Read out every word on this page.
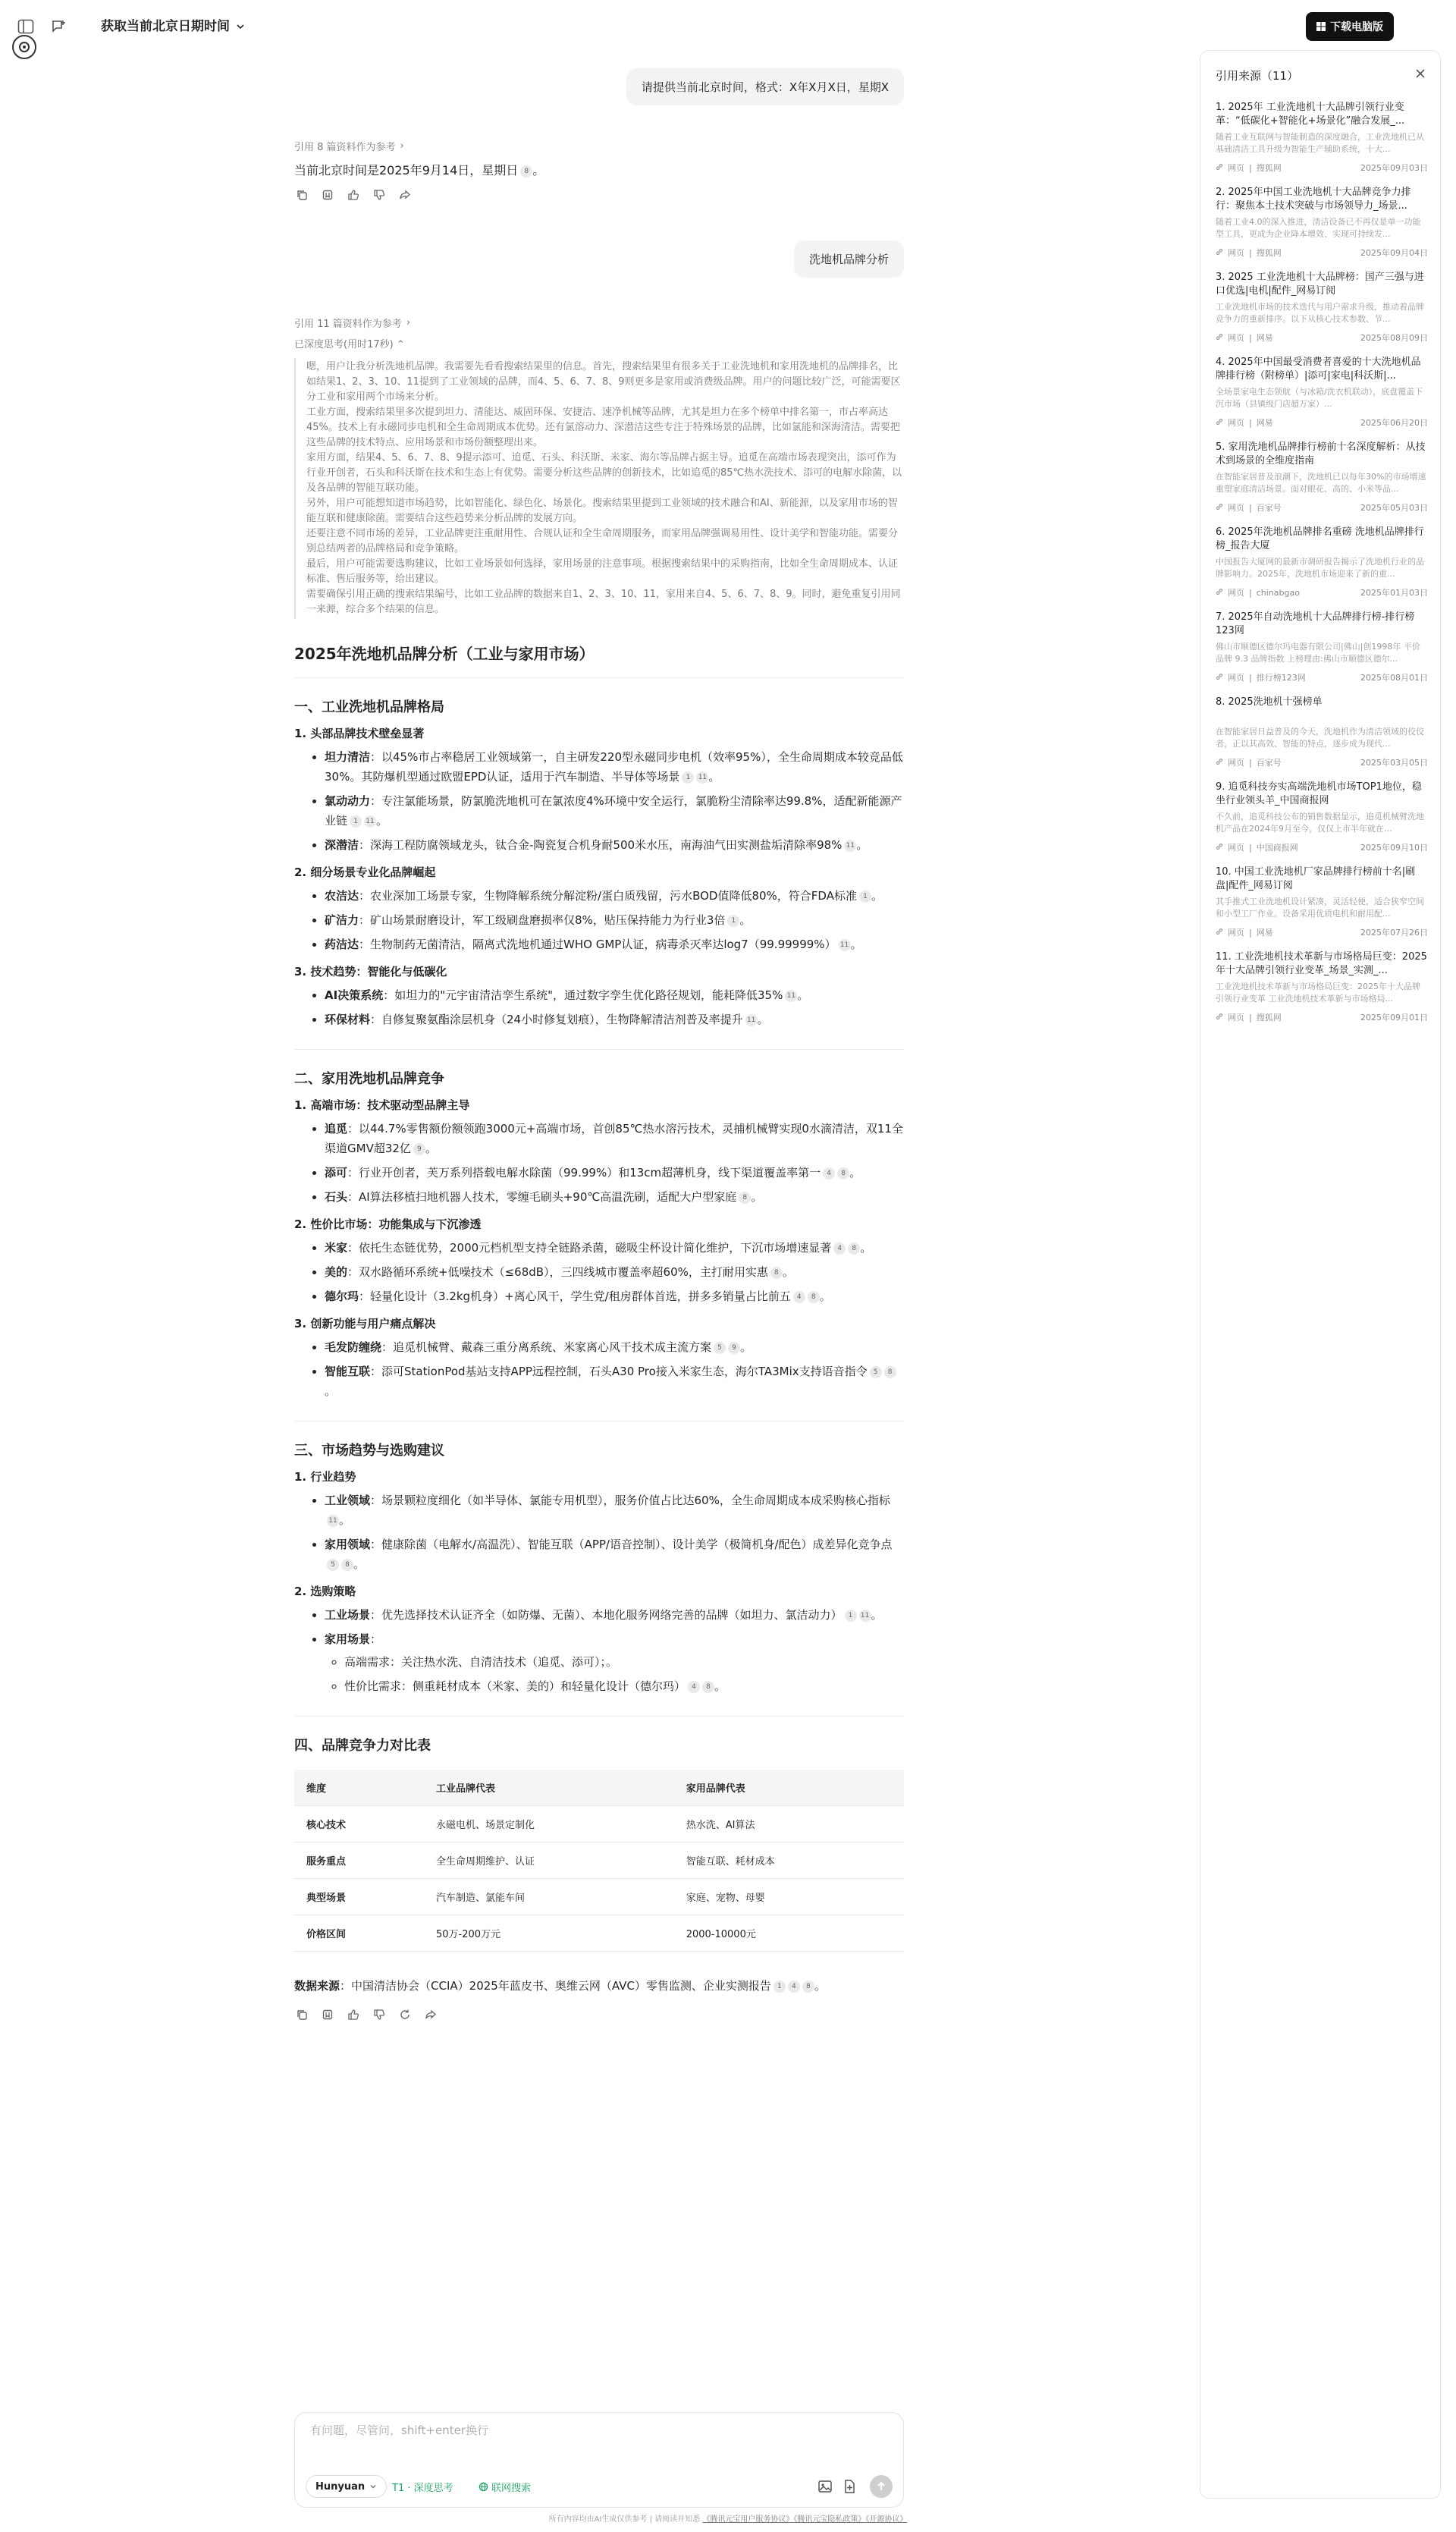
获取当前北京日期时间	下载电脑版
请提供当前北京时间，格式：X年X月X日，星期X
引用 8 篇资料作为参考 ›
当前北京时间是2025年9月14日，星期日 8 。
洗地机品牌分析
引用 11 篇资料作为参考 ›
已深度思考(用时17秒) ⌃

嗯，用户让我分析洗地机品牌。我需要先看看搜索结果里的信息。首先，搜索结果里有很多关于工业洗地机和家用洗地机的品牌排名，比如结果1、2、3、10、11提到了工业领域的品牌，而4、5、6、7、8、9则更多是家用或消费级品牌。用户的问题比较广泛，可能需要区分工业和家用两个市场来分析。

工业方面，搜索结果里多次提到坦力、清能达、威固环保、安捷洁、速净机械等品牌，尤其是坦力在多个榜单中排名第一，市占率高达45%。技术上有永磁同步电机和全生命周期成本优势。还有氯溶动力、深潜洁这些专注于特殊场景的品牌，比如氯能和深海清洁。需要把这些品牌的技术特点、应用场景和市场份额整理出来。

家用方面，结果4、5、6、7、8、9提示添可、追觅、石头、科沃斯、米家、海尔等品牌占据主导。追觅在高端市场表现突出，添可作为行业开创者，石头和科沃斯在技术和生态上有优势。需要分析这些品牌的创新技术，比如追觅的85℃热水洗技术、添可的电解水除菌，以及各品牌的智能互联功能。

另外，用户可能想知道市场趋势，比如智能化、绿色化、场景化。搜索结果里提到工业领域的技术融合和AI、新能源，以及家用市场的智能互联和健康除菌。需要结合这些趋势来分析品牌的发展方向。

还要注意不同市场的差异，工业品牌更注重耐用性、合规认证和全生命周期服务，而家用品牌强调易用性、设计美学和智能功能。需要分别总结两者的品牌格局和竞争策略。

最后，用户可能需要选购建议，比如工业场景如何选择，家用场景的注意事项。根据搜索结果中的采购指南，比如全生命周期成本、认证标准、售后服务等，给出建议。

需要确保引用正确的搜索结果编号，比如工业品牌的数据来自1、2、3、10、11，家用来自4、5、6、7、8、9。同时，避免重复引用同一来源，综合多个结果的信息。

2025年洗地机品牌分析（工业与家用市场）
一、工业洗地机品牌格局
1. 头部品牌技术壁垒显著
• 坦力清洁：以45%市占率稳居工业领域第一，自主研发220型永磁同步电机（效率95%），全生命周期成本较竞品低30%。其防爆机型通过欧盟EPD认证，适用于汽车制造、半导体等场景 1 11 。
• 氯动动力：专注氯能场景，防氯脆洗地机可在氯浓度4%环境中安全运行，氯脆粉尘清除率达99.8%，适配新能源产业链 1 11 。
• 深潜洁：深海工程防腐领域龙头，钛合金-陶瓷复合机身耐500米水压，南海油气田实测盐垢清除率98% 11 。
2. 细分场景专业化品牌崛起
• 农洁达：农业深加工场景专家，生物降解系统分解淀粉/蛋白质残留，污水BOD值降低80%，符合FDA标准 1 。
• 矿洁力：矿山场景耐磨设计，军工级刷盘磨损率仅8%，贴压保持能力为行业3倍 1 。
• 药洁达：生物制药无菌清洁，隔离式洗地机通过WHO GMP认证，病毒杀灭率达log7（99.99999%） 11 。
3. 技术趋势：智能化与低碳化
• AI决策系统：如坦力的"元宇宙清洁孪生系统"，通过数字孪生优化路径规划，能耗降低35% 11 。
• 环保材料：自修复聚氨酯涂层机身（24小时修复划痕），生物降解清洁剂普及率提升 11 。
二、家用洗地机品牌竞争
1. 高端市场：技术驱动型品牌主导
• 追觅：以44.7%零售额份额领跑3000元+高端市场，首创85℃热水溶污技术，灵捕机械臂实现0水滴清洁，双11全渠道GMV超32亿 9 。
• 添可：行业开创者，芙万系列搭载电解水除菌（99.99%）和13cm超薄机身，线下渠道覆盖率第一 4 8 。
• 石头：AI算法移植扫地机器人技术，零缠毛刷头+90℃高温洗刷，适配大户型家庭 8 。
2. 性价比市场：功能集成与下沉渗透
• 米家：依托生态链优势，2000元档机型支持全链路杀菌，磁吸尘杯设计简化维护，下沉市场增速显著 4 8 。
• 美的：双水路循环系统+低噪技术（≤68dB），三四线城市覆盖率超60%，主打耐用实惠 8 。
• 德尔玛：轻量化设计（3.2kg机身）+离心风干，学生党/租房群体首选，拼多多销量占比前五 4 8 。
3. 创新功能与用户痛点解决
• 毛发防缠绕：追觅机械臂、戴森三重分离系统、米家离心风干技术成主流方案 5 9 。
• 智能互联：添可StationPod基站支持APP远程控制，石头A30 Pro接入米家生态，海尔TA3Mix支持语音指令 5 8。
三、市场趋势与选购建议
1. 行业趋势
• 工业领域：场景颗粒度细化（如半导体、氯能专用机型），服务价值占比达60%，全生命周期成本成采购核心指标11 。
• 家用领域：健康除菌（电解水/高温洗）、智能互联（APP/语音控制）、设计美学（极简机身/配色）成差异化竞争点5 8 。
2. 选购策略
• 工业场景：优先选择技术认证齐全（如防爆、无菌）、本地化服务网络完善的品牌（如坦力、氯洁动力） 1 11 。
• 家用场景：
◦ 高端需求：关注热水洗、自清洁技术（追觅、添可）；。
◦ 性价比需求：侧重耗材成本（米家、美的）和轻量化设计（德尔玛） 4 8 。
四、品牌竞争力对比表
维度	工业品牌代表	家用品牌代表
核心技术	永磁电机、场景定制化	热水洗、AI算法
服务重点	全生命周期维护、认证	智能互联、耗材成本
典型场景	汽车制造、氯能车间	家庭、宠物、母婴
价格区间	50万-200万元	2000-10000元
数据来源：中国清洁协会（CCIA）2025年蓝皮书、奥维云网（AVC）零售监测、企业实测报告 1 4 8 。
有问题，尽管问，shift+enter换行
Hunyuan	T1 · 深度思考	联网搜索
所有内容均由AI生成仅供参考 | 请阅读并知悉 《腾讯元宝用户服务协议》《腾讯元宝隐私政策》《开源协议》
引用来源（11）
1. 2025年 工业洗地机十大品牌引领行业变革：“低碳化+智能化+场景化”融合发展_...
随着工业互联网与智能制造的深度融合，工业洗地机已从基础清洁工具升级为智能生产辅助系统，十大...
网页 | 搜狐网	2025年09月03日
2. 2025年中国工业洗地机十大品牌竞争力排行：聚焦本土技术突破与市场领导力_场景...
随着工业4.0的深入推进，清洁设备已不再仅是单一功能型工具，更成为企业降本增效、实现可持续发...
网页 | 搜狐网	2025年09月04日
3. 2025 工业洗地机十大品牌榜：国产三强与进口优选|电机|配件_网易订阅
工业洗地机市场的技术迭代与用户需求升级，推动着品牌竞争力的重新排序。以下从核心技术参数、节...
网页 | 网易	2025年08月09日
4. 2025年中国最受消费者喜爱的十大洗地机品牌排行榜（附榜单）|添可|家电|科沃斯|...
全场景家电生态领航（与冰箱/洗衣机联动），底盘覆盖下沉市场（县镇级门店超万家）...
网页 | 网易	2025年06月20日
5. 家用洗地机品牌排行榜前十名深度解析：从技术到场景的全维度指南
在智能家居普及浪潮下，洗地机已以每年30%的市场增速重塑家庭清洁场景。面对眼花、高的、小米等品...
网页 | 百家号	2025年05月03日
6. 2025年洗地机品牌排名重磅 洗地机品牌排行榜_报告大厦
中国报告大厦网的最新市调研报告揭示了洗地机行业的品牌影响力。2025年，洗地机市场迎来了新的重...
网页 | chinabgao	2025年01月03日
7. 2025年自动洗地机十大品牌排行榜-排行榜123网
佛山市顺德区德尔玛电器有限公司|佛山|创1998年 平价品牌 9.3 品牌指数 上榜理由:佛山市顺德区德尔...
网页 | 排行榜123网	2025年08月01日
8. 2025洗地机十强榜单
在智能家居日益普及的今天，洗地机作为清洁领域的佼佼者，正以其高效、智能的特点，逐步成为现代...
网页 | 百家号	2025年03月05日
9. 追觅科技夯实高端洗地机市场TOP1地位，稳坐行业领头羊_中国商报网
不久前，追觅科技公布的销售数据显示，追觅机械臂洗地机产品在2024年9月至今，仅仅上市半年就在...
网页 | 中国商报网	2025年09月10日
10. 中国工业洗地机厂家品牌排行榜前十名|刷盘|配件_网易订阅
其手推式工业洗地机设计紧凑，灵活轻便，适合狭窄空间和小型工厂作业。设备采用优质电机和耐用配...
网页 | 网易	2025年07月26日
11. 工业洗地机技术革新与市场格局巨变：2025 年十大品牌引领行业变革_场景_实测_...
工业洗地机技术革新与市场格局巨变：2025年十大品牌引领行业变革 工业洗地机技术革新与市场格局...
网页 | 搜狐网	2025年09月01日
